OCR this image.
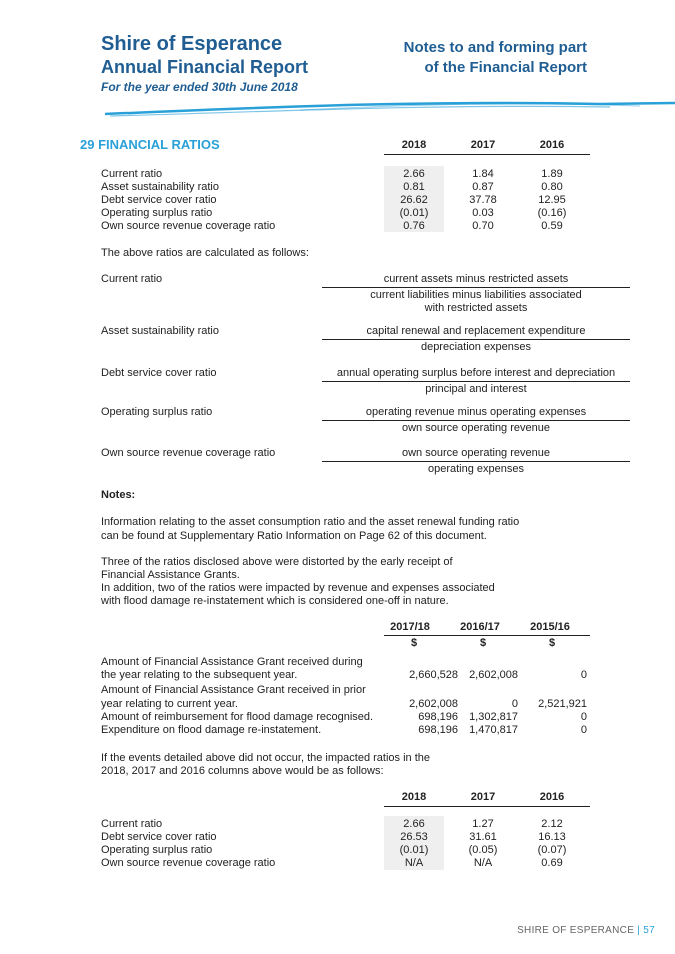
Shire of Esperance
Annual Financial Report
For the year ended 30th June 2018
Notes to and forming part
of the Financial Report
29 FINANCIAL RATIOS	2018	2017	2016
Current ratio	2.66	1.84	1.89
Asset sustainability ratio	0.81	0.87	0.80
Debt service cover ratio	26.62	37.78	12.95
Operating surplus ratio	(0.01)	0.03	(0.16)
Own source revenue coverage ratio	0.76	0.70	0.59
The above ratios are calculated as follows:
Current ratio	current assets minus restricted assets
current liabilities minus liabilities associated
with restricted assets
Asset sustainability ratio	capital renewal and replacement expenditure
depreciation expenses
Debt service cover ratio	annual operating surplus before interest and depreciation
principal and interest
Operating surplus ratio	operating revenue minus operating expenses
own source operating revenue
Own source revenue coverage ratio	own source operating revenue
operating expenses
Notes:
Information relating to the asset consumption ratio and the asset renewal funding ratio
can be found at Supplementary Ratio Information on Page 62 of this document.
Three of the ratios disclosed above were distorted by the early receipt of
Financial Assistance Grants.
In addition, two of the ratios were impacted by revenue and expenses associated
with flood damage re-instatement which is considered one-off in nature.
2017/18	2016/17	2015/16
$	$	$
Amount of Financial Assistance Grant received during
the year relating to the subsequent year.	2,660,528	2,602,008	0
Amount of Financial Assistance Grant received in prior
year relating to current year.	2,602,008	0	2,521,921
Amount of reimbursement for flood damage recognised.	698,196	1,302,817	0
Expenditure on flood damage re-instatement.	698,196	1,470,817	0
If the events detailed above did not occur, the impacted ratios in the
2018, 2017 and 2016 columns above would be as follows:
2018	2017	2016
Current ratio	2.66	1.27	2.12
Debt service cover ratio	26.53	31.61	16.13
Operating surplus ratio	(0.01)	(0.05)	(0.07)
Own source revenue coverage ratio	N/A	N/A	0.69
SHIRE OF ESPERANCE | 57
